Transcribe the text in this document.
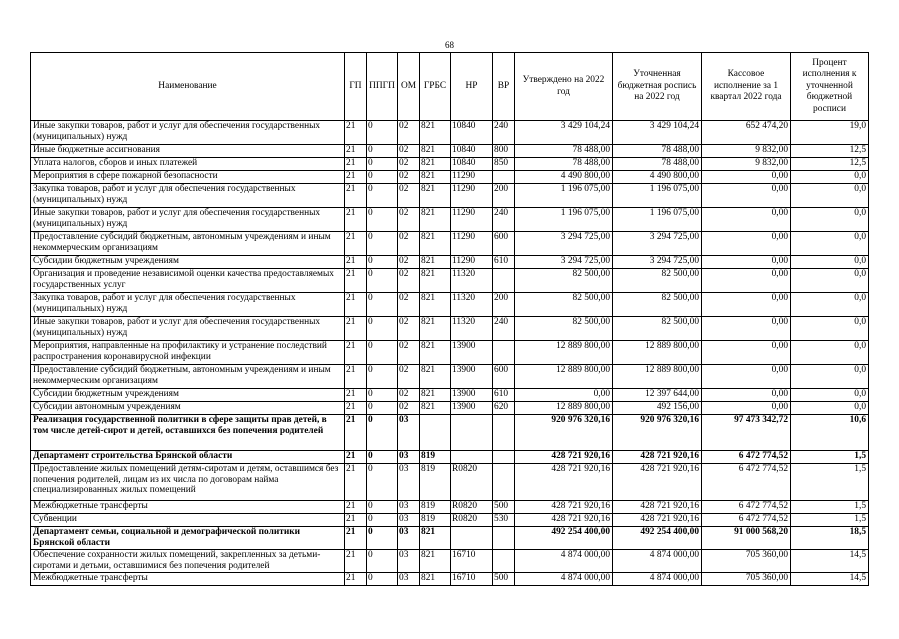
68
Наименование	ГП	ППГП	ОМ	ГРБС	НР	ВР	Утверждено на 2022 год	Уточненная бюджетная роспись на 2022 год	Кассовое исполнение за 1 квартал 2022 года	Процент исполнения к уточненной бюджетной росписи
Иные закупки товаров, работ и услуг для обеспечения государственных (муниципальных) нужд	21	0	02	821	10840	240	3 429 104,24	3 429 104,24	652 474,20	19,0
Иные бюджетные ассигнования	21	0	02	821	10840	800	78 488,00	78 488,00	9 832,00	12,5
Уплата налогов, сборов и иных платежей	21	0	02	821	10840	850	78 488,00	78 488,00	9 832,00	12,5
Мероприятия в сфере пожарной безопасности	21	0	02	821	11290		4 490 800,00	4 490 800,00	0,00	0,0
Закупка товаров, работ и услуг для обеспечения государственных (муниципальных) нужд	21	0	02	821	11290	200	1 196 075,00	1 196 075,00	0,00	0,0
Иные закупки товаров, работ и услуг для обеспечения государственных (муниципальных) нужд	21	0	02	821	11290	240	1 196 075,00	1 196 075,00	0,00	0,0
Предоставление субсидий бюджетным, автономным учреждениям и иным некоммерческим организациям	21	0	02	821	11290	600	3 294 725,00	3 294 725,00	0,00	0,0
Субсидии бюджетным учреждениям	21	0	02	821	11290	610	3 294 725,00	3 294 725,00	0,00	0,0
Организация и проведение независимой оценки качества предоставляемых государственных услуг	21	0	02	821	11320		82 500,00	82 500,00	0,00	0,0
Закупка товаров, работ и услуг для обеспечения государственных (муниципальных) нужд	21	0	02	821	11320	200	82 500,00	82 500,00	0,00	0,0
Иные закупки товаров, работ и услуг для обеспечения государственных (муниципальных) нужд	21	0	02	821	11320	240	82 500,00	82 500,00	0,00	0,0
Мероприятия, направленные на профилактику и устранение последствий распространения коронавирусной инфекции	21	0	02	821	13900		12 889 800,00	12 889 800,00	0,00	0,0
Предоставление субсидий бюджетным, автономным учреждениям и иным некоммерческим организациям	21	0	02	821	13900	600	12 889 800,00	12 889 800,00	0,00	0,0
Субсидии бюджетным учреждениям	21	0	02	821	13900	610	0,00	12 397 644,00	0,00	0,0
Субсидии автономным учреждениям	21	0	02	821	13900	620	12 889 800,00	492 156,00	0,00	0,0
Реализация государственной политики в сфере защиты прав детей, в том числе детей-сирот и детей, оставшихся без попечения родителей	21	0	03				920 976 320,16	920 976 320,16	97 473 342,72	10,6
Департамент строительства Брянской области	21	0	03	819			428 721 920,16	428 721 920,16	6 472 774,52	1,5
Предоставление жилых помещений детям-сиротам и детям, оставшимся без попечения родителей, лицам из их числа по договорам найма специализированных жилых помещений	21	0	03	819	R0820		428 721 920,16	428 721 920,16	6 472 774,52	1,5
Межбюджетные трансферты	21	0	03	819	R0820	500	428 721 920,16	428 721 920,16	6 472 774,52	1,5
Субвенции	21	0	03	819	R0820	530	428 721 920,16	428 721 920,16	6 472 774,52	1,5
Департамент семьи, социальной и демографической политики Брянской области	21	0	03	821			492 254 400,00	492 254 400,00	91 000 568,20	18,5
Обеспечение сохранности жилых помещений, закрепленных за детьми-сиротами и детьми, оставшимися без попечения родителей	21	0	03	821	16710		4 874 000,00	4 874 000,00	705 360,00	14,5
Межбюджетные трансферты	21	0	03	821	16710	500	4 874 000,00	4 874 000,00	705 360,00	14,5
